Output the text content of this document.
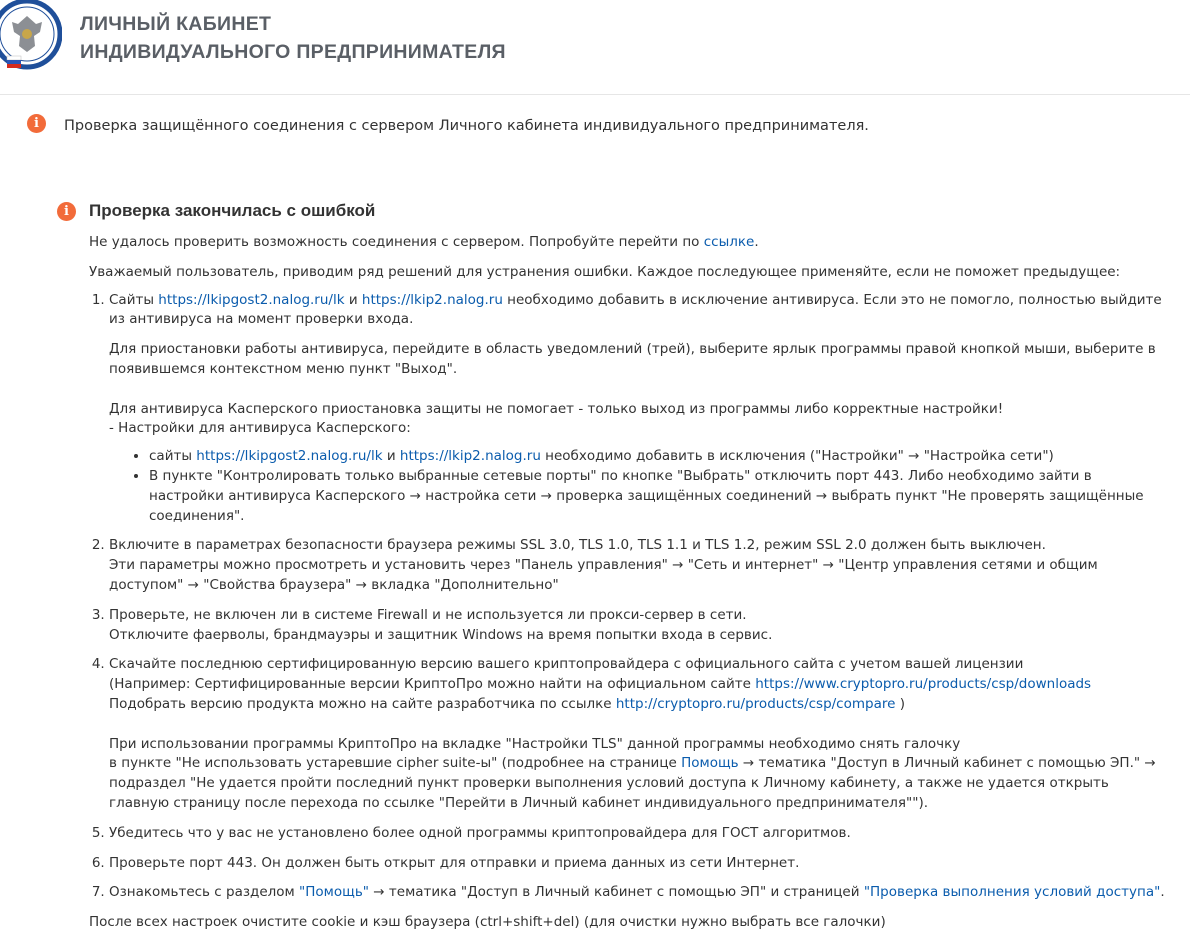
ЛИЧНЫЙ КАБИНЕТ
ИНДИВИДУАЛЬНОГО ПРЕДПРИНИМАТЕЛЯ
i	Проверка защищённого соединения с сервером Личного кабинета индивидуального предпринимателя.
i	Проверка закончилась с ошибкой

Не удалось проверить возможность соединения с сервером. Попробуйте перейти по ссылке.

Уважаемый пользователь, приводим ряд решений для устранения ошибки. Каждое последующее применяйте, если не поможет предыдущее:

1. Сайты https://lkipgost2.nalog.ru/lk и https://lkip2.nalog.ru необходимо добавить в исключение антивируса. Если это не помогло, полностью выйдите из антивируса на момент проверки входа.
Для приостановки работы антивируса, перейдите в область уведомлений (трей), выберите ярлык программы правой кнопкой мыши, выберите в появившемся контекстном меню пункт "Выход".
Для антивируса Касперского приостановка защиты не помогает - только выход из программы либо корректные настройки!
- Настройки для антивируса Касперского:
• сайты https://lkipgost2.nalog.ru/lk и https://lkip2.nalog.ru необходимо добавить в исключения ("Настройки" → "Настройка сети")
• В пункте "Контролировать только выбранные сетевые порты" по кнопке "Выбрать" отключить порт 443. Либо необходимо зайти в настройки антивируса Касперского → настройка сети → проверка защищённых соединений → выбрать пункт "Не проверять защищённые соединения".
2. Включите в параметрах безопасности браузера режимы SSL 3.0, TLS 1.0, TLS 1.1 и TLS 1.2, режим SSL 2.0 должен быть выключен.
Эти параметры можно просмотреть и установить через "Панель управления" → "Сеть и интернет" → "Центр управления сетями и общим доступом" → "Свойства браузера" → вкладка "Дополнительно"
3. Проверьте, не включен ли в системе Firewall и не используется ли прокси-сервер в сети.
Отключите фаерволы, брандмауэры и защитник Windows на время попытки входа в сервис.
4. Скачайте последнюю сертифицированную версию вашего криптопровайдера с официального сайта с учетом вашей лицензии
(Например: Сертифицированные версии КриптоПро можно найти на официальном сайте https://www.cryptopro.ru/products/csp/downloads
Подобрать версию продукта можно на сайте разработчика по ссылке http://cryptopro.ru/products/csp/compare )
При использовании программы КриптоПро на вкладке "Настройки TLS" данной программы необходимо снять галочку
в пункте "Не использовать устаревшие cipher suite-ы" (подробнее на странице Помощь → тематика "Доступ в Личный кабинет с помощью ЭП." → подраздел "Не удается пройти последний пункт проверки выполнения условий доступа к Личному кабинету, а также не удается открыть главную страницу после перехода по ссылке "Перейти в Личный кабинет индивидуального предпринимателя"").
5. Убедитесь что у вас не установлено более одной программы криптопровайдера для ГОСТ алгоритмов.
6. Проверьте порт 443. Он должен быть открыт для отправки и приема данных из сети Интернет.
7. Ознакомьтесь с разделом "Помощь" → тематика "Доступ в Личный кабинет с помощью ЭП" и страницей "Проверка выполнения условий доступа".
После всех настроек очистите cookie и кэш браузера (ctrl+shift+del) (для очистки нужно выбрать все галочки)
